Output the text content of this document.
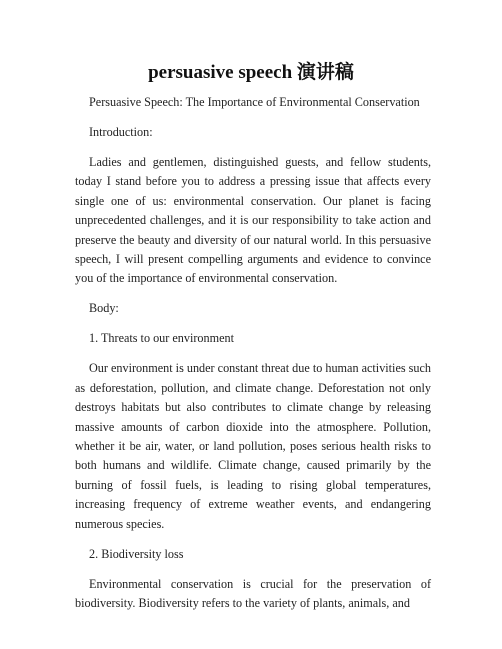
persuasive speech 演讲稿

Persuasive Speech: The Importance of Environmental Conservation

Introduction:

Ladies and gentlemen, distinguished guests, and fellow students, today I stand before you to address a pressing issue that affects every single one of us: environmental conservation. Our planet is facing unprecedented challenges, and it is our responsibility to take action and preserve the beauty and diversity of our natural world. In this persuasive speech, I will present compelling arguments and evidence to convince you of the importance of environmental conservation.

Body:

1. Threats to our environment

Our environment is under constant threat due to human activities such as deforestation, pollution, and climate change. Deforestation not only destroys habitats but also contributes to climate change by releasing massive amounts of carbon dioxide into the atmosphere. Pollution, whether it be air, water, or land pollution, poses serious health risks to both humans and wildlife. Climate change, caused primarily by the burning of fossil fuels, is leading to rising global temperatures, increasing frequency of extreme weather events, and endangering numerous species.

2. Biodiversity loss

Environmental conservation is crucial for the preservation of biodiversity. Biodiversity refers to the variety of plants, animals, and
